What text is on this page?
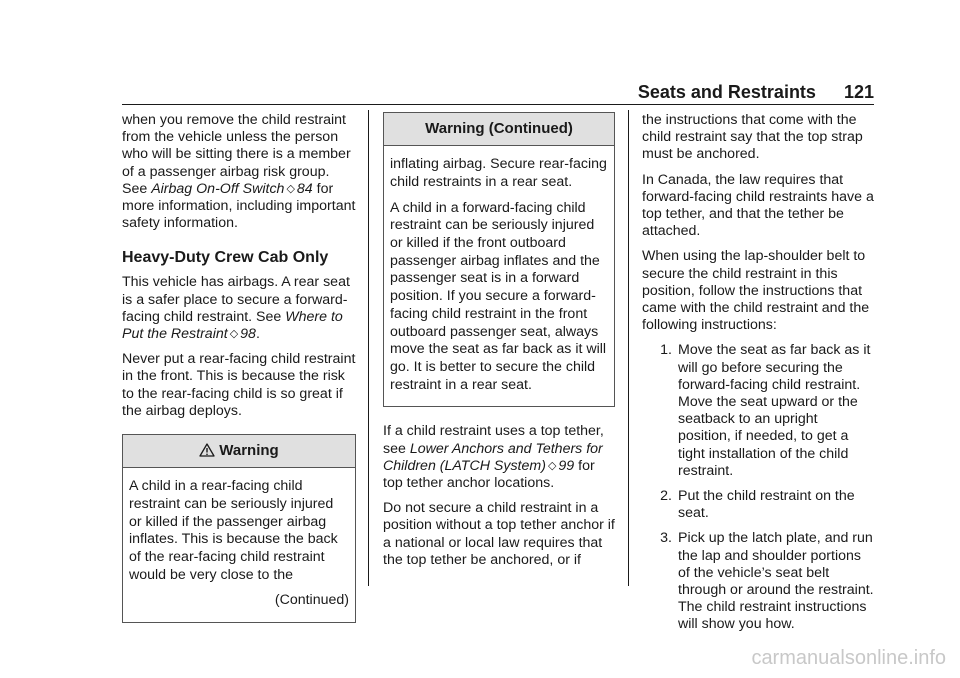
Seats and Restraints 121

when you remove the child restraint from the vehicle unless the person who will be sitting there is a member of a passenger airbag risk group. See Airbag On-Off Switch ◇ 84 for more information, including important safety information.

Heavy-Duty Crew Cab Only

This vehicle has airbags. A rear seat is a safer place to secure a forward-facing child restraint. See Where to Put the Restraint ◇ 98.

Never put a rear-facing child restraint in the front. This is because the risk to the rear-facing child is so great if the airbag deploys.

Warning

A child in a rear-facing child restraint can be seriously injured or killed if the passenger airbag inflates. This is because the back of the rear-facing child restraint would be very close to the

(Continued)

Warning (Continued)

inflating airbag. Secure rear-facing child restraints in a rear seat.

A child in a forward-facing child restraint can be seriously injured or killed if the front outboard passenger airbag inflates and the passenger seat is in a forward position. If you secure a forward-facing child restraint in the front outboard passenger seat, always move the seat as far back as it will go. It is better to secure the child restraint in a rear seat.

If a child restraint uses a top tether, see Lower Anchors and Tethers for Children (LATCH System) ◇ 99 for top tether anchor locations.

Do not secure a child restraint in a position without a top tether anchor if a national or local law requires that the top tether be anchored, or if

the instructions that come with the child restraint say that the top strap must be anchored.

In Canada, the law requires that forward-facing child restraints have a top tether, and that the tether be attached.

When using the lap-shoulder belt to secure the child restraint in this position, follow the instructions that came with the child restraint and the following instructions:

1. Move the seat as far back as it will go before securing the forward-facing child restraint. Move the seat upward or the seatback to an upright position, if needed, to get a tight installation of the child restraint.
2. Put the child restraint on the seat.
3. Pick up the latch plate, and run the lap and shoulder portions of the vehicle’s seat belt through or around the restraint. The child restraint instructions will show you how.
carmanualsonline.info
